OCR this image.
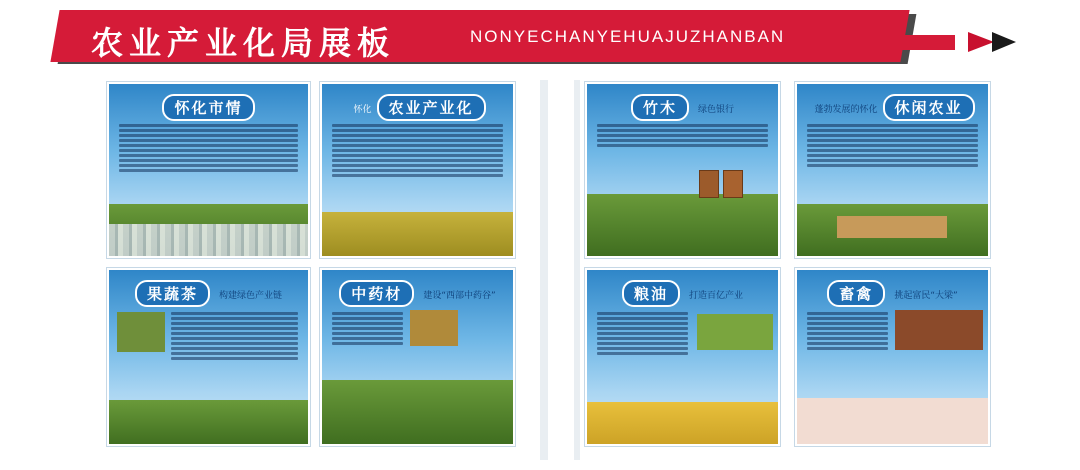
农业产业化局展板	NONYECHANYEHUAJUZHANBAN
怀化市情	怀化 农业产业化	竹木 绿色银行	蓬勃发展的怀化 休闲农业
果蔬茶 构建绿色产业链	中药材 建设“西部中药谷”	粮油 打造百亿产业	畜禽 挑起富民“大梁”
